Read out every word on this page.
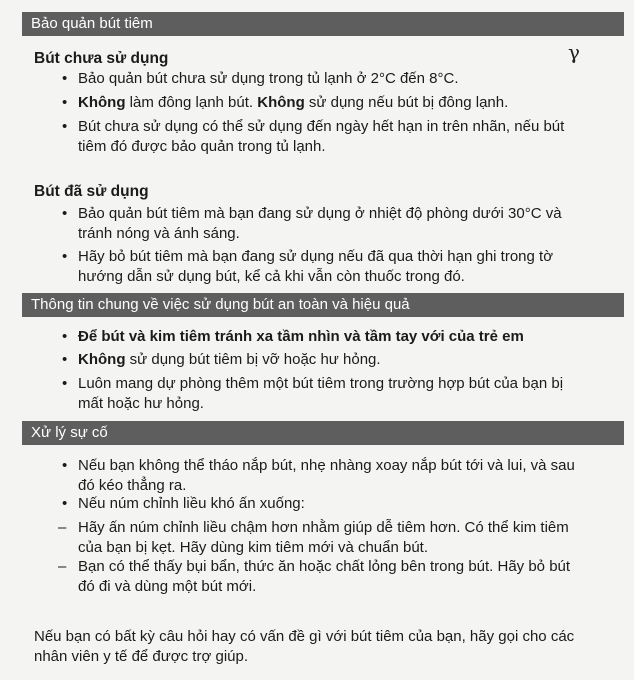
γ
Bảo quản bút tiêm
Bút chưa sử dụng
• Bảo quản bút chưa sử dụng trong tủ lạnh ở 2°C đến 8°C.
• Không làm đông lạnh bút. Không sử dụng nếu bút bị đông lạnh.
• Bút chưa sử dụng có thể sử dụng đến ngày hết hạn in trên nhãn, nếu bút
tiêm đó được bảo quản trong tủ lạnh.
Bút đã sử dụng
• Bảo quản bút tiêm mà bạn đang sử dụng ở nhiệt độ phòng dưới 30°C và
tránh nóng và ánh sáng.
• Hãy bỏ bút tiêm mà bạn đang sử dụng nếu đã qua thời hạn ghi trong tờ
hướng dẫn sử dụng bút, kể cả khi vẫn còn thuốc trong đó.
Thông tin chung về việc sử dụng bút an toàn và hiệu quả
• Để bút và kim tiêm tránh xa tầm nhìn và tầm tay với của trẻ em
• Không sử dụng bút tiêm bị vỡ hoặc hư hỏng.
• Luôn mang dự phòng thêm một bút tiêm trong trường hợp bút của bạn bị
mất hoặc hư hỏng.
Xử lý sự cố
• Nếu bạn không thể tháo nắp bút, nhẹ nhàng xoay nắp bút tới và lui, và sau
đó kéo thẳng ra.
• Nếu núm chỉnh liều khó ấn xuống:
– Hãy ấn núm chỉnh liều chậm hơn nhằm giúp dễ tiêm hơn. Có thể kim tiêm
của bạn bị kẹt. Hãy dùng kim tiêm mới và chuẩn bút.
– Bạn có thể thấy bụi bẩn, thức ăn hoặc chất lỏng bên trong bút. Hãy bỏ bút
đó đi và dùng một bút mới.
Nếu bạn có bất kỳ câu hỏi hay có vấn đề gì với bút tiêm của bạn, hãy gọi cho các
nhân viên y tế để được trợ giúp.
